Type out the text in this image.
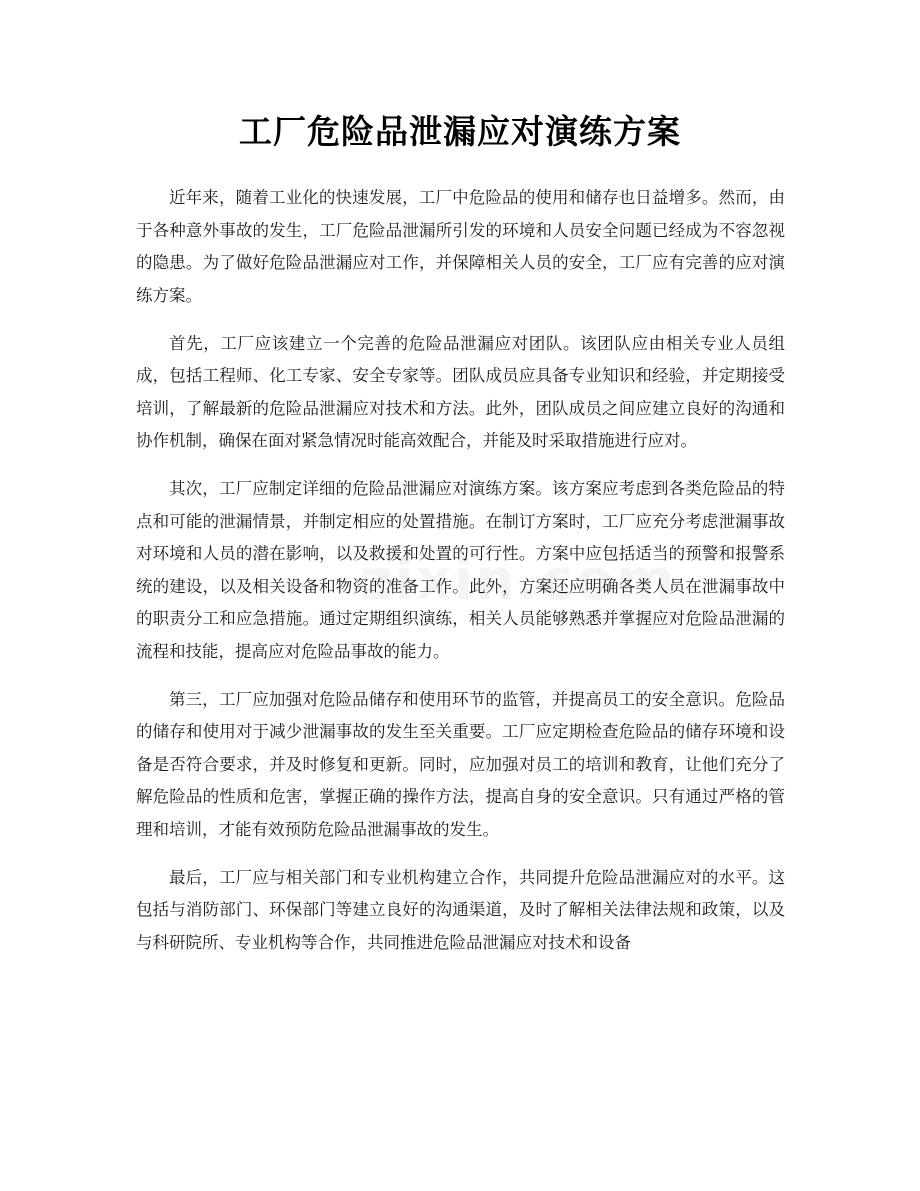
工厂危险品泄漏应对演练方案

近年来，随着工业化的快速发展，工厂中危险品的使用和储存也日益增多。然而，由于各种意外事故的发生，工厂危险品泄漏所引发的环境和人员安全问题已经成为不容忽视的隐患。为了做好危险品泄漏应对工作，并保障相关人员的安全，工厂应有完善的应对演练方案。

首先，工厂应该建立一个完善的危险品泄漏应对团队。该团队应由相关专业人员组成，包括工程师、化工专家、安全专家等。团队成员应具备专业知识和经验，并定期接受培训，了解最新的危险品泄漏应对技术和方法。此外，团队成员之间应建立良好的沟通和协作机制，确保在面对紧急情况时能高效配合，并能及时采取措施进行应对。

其次，工厂应制定详细的危险品泄漏应对演练方案。该方案应考虑到各类危险品的特点和可能的泄漏情景，并制定相应的处置措施。在制订方案时，工厂应充分考虑泄漏事故对环境和人员的潜在影响，以及救援和处置的可行性。方案中应包括适当的预警和报警系统的建设，以及相关设备和物资的准备工作。此外，方案还应明确各类人员在泄漏事故中的职责分工和应急措施。通过定期组织演练，相关人员能够熟悉并掌握应对危险品泄漏的流程和技能，提高应对危险品事故的能力。

第三，工厂应加强对危险品储存和使用环节的监管，并提高员工的安全意识。危险品的储存和使用对于减少泄漏事故的发生至关重要。工厂应定期检查危险品的储存环境和设备是否符合要求，并及时修复和更新。同时，应加强对员工的培训和教育，让他们充分了解危险品的性质和危害，掌握正确的操作方法，提高自身的安全意识。只有通过严格的管理和培训，才能有效预防危险品泄漏事故的发生。

最后，工厂应与相关部门和专业机构建立合作，共同提升危险品泄漏应对的水平。这包括与消防部门、环保部门等建立良好的沟通渠道，及时了解相关法律法规和政策，以及与科研院所、专业机构等合作，共同推进危险品泄漏应对技术和设备
